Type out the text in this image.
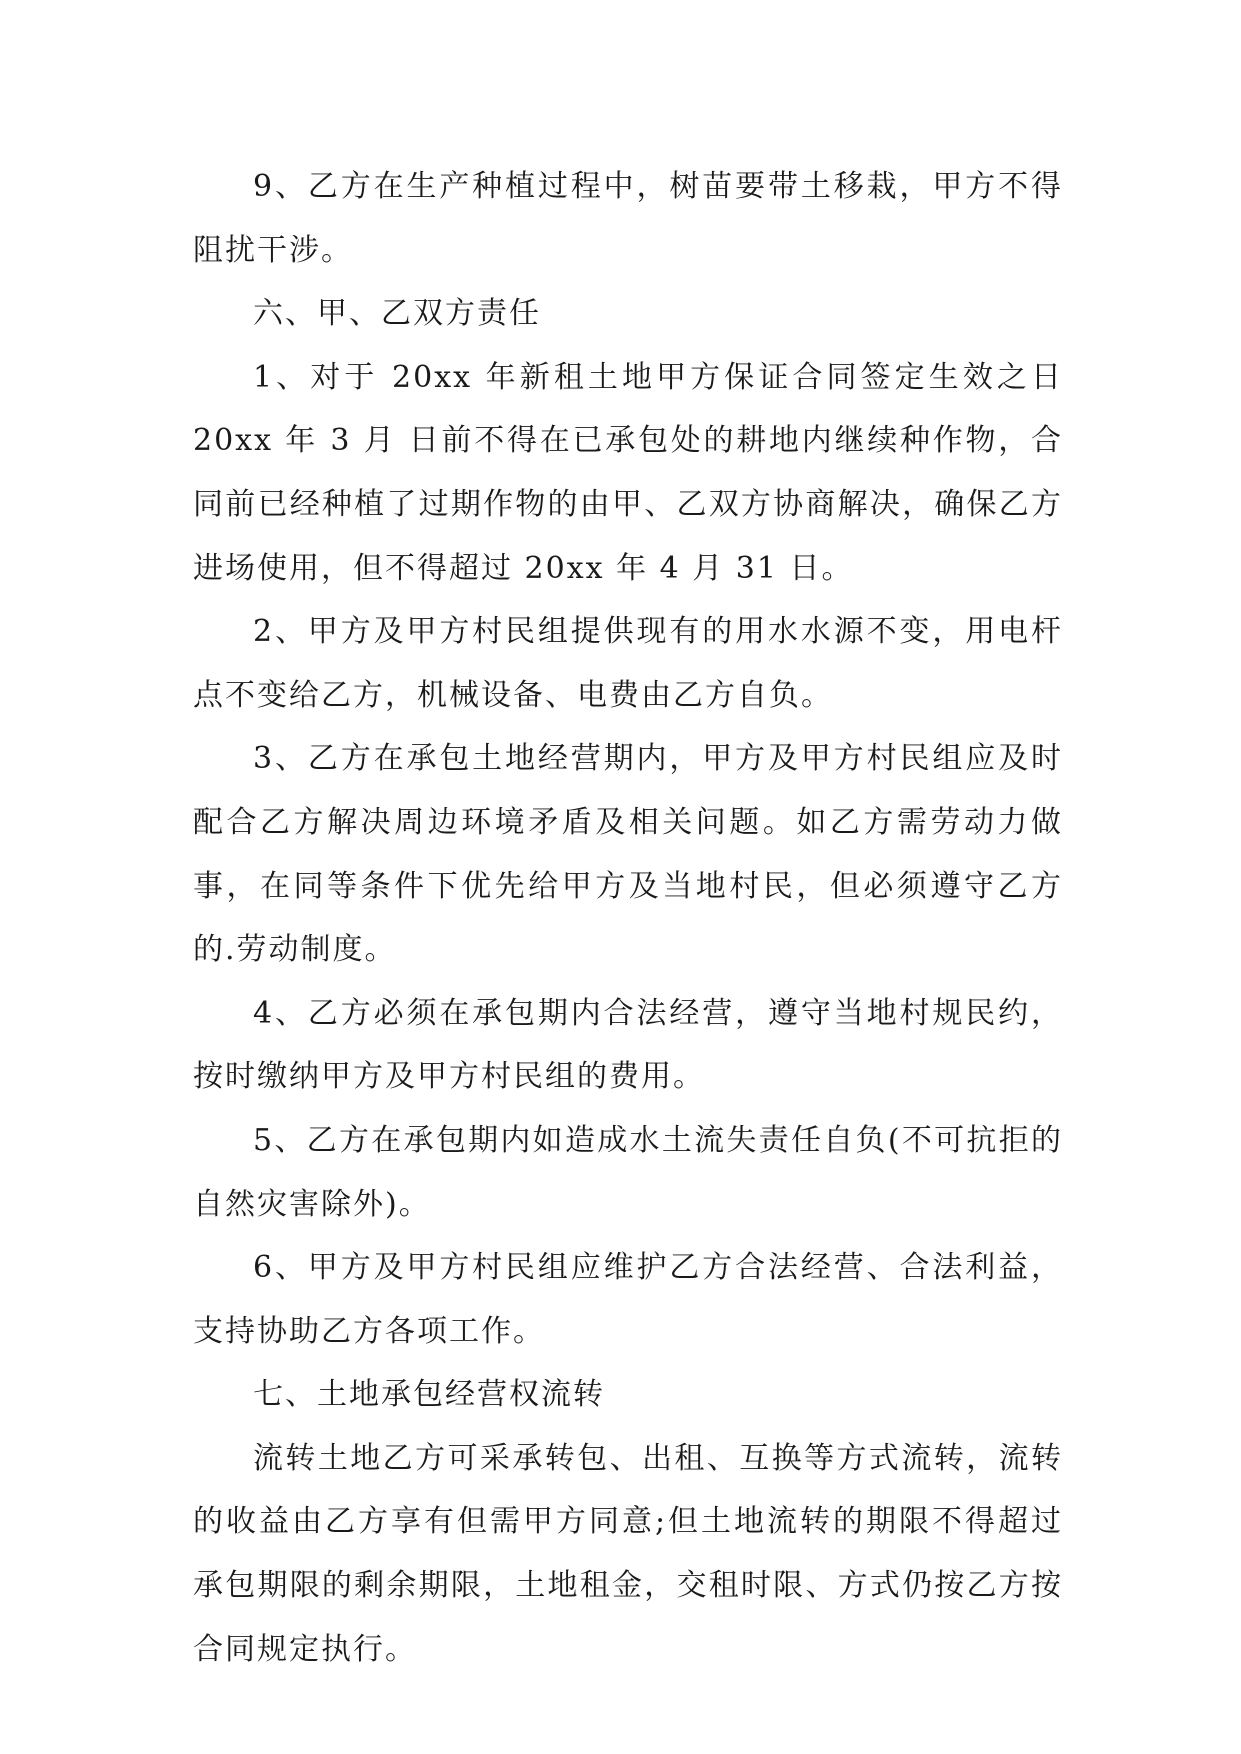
9、乙方在生产种植过程中，树苗要带土移栽，甲方不得阻扰干涉。

六、甲、乙双方责任

1、对于 20xx 年新租土地甲方保证合同签定生效之日 20xx 年 3 月 日前不得在已承包处的耕地内继续种作物，合同前已经种植了过期作物的由甲、乙双方协商解决，确保乙方进场使用，但不得超过 20xx 年 4 月 31 日。

2、甲方及甲方村民组提供现有的用水水源不变，用电杆点不变给乙方，机械设备、电费由乙方自负。

3、乙方在承包土地经营期内，甲方及甲方村民组应及时配合乙方解决周边环境矛盾及相关问题。如乙方需劳动力做事，在同等条件下优先给甲方及当地村民，但必须遵守乙方的.劳动制度。

4、乙方必须在承包期内合法经营，遵守当地村规民约，按时缴纳甲方及甲方村民组的费用。

5、乙方在承包期内如造成水土流失责任自负(不可抗拒的自然灾害除外)。

6、甲方及甲方村民组应维护乙方合法经营、合法利益，支持协助乙方各项工作。

七、土地承包经营权流转

流转土地乙方可采承转包、出租、互换等方式流转，流转的收益由乙方享有但需甲方同意;但土地流转的期限不得超过承包期限的剩余期限，土地租金，交租时限、方式仍按乙方按合同规定执行。
